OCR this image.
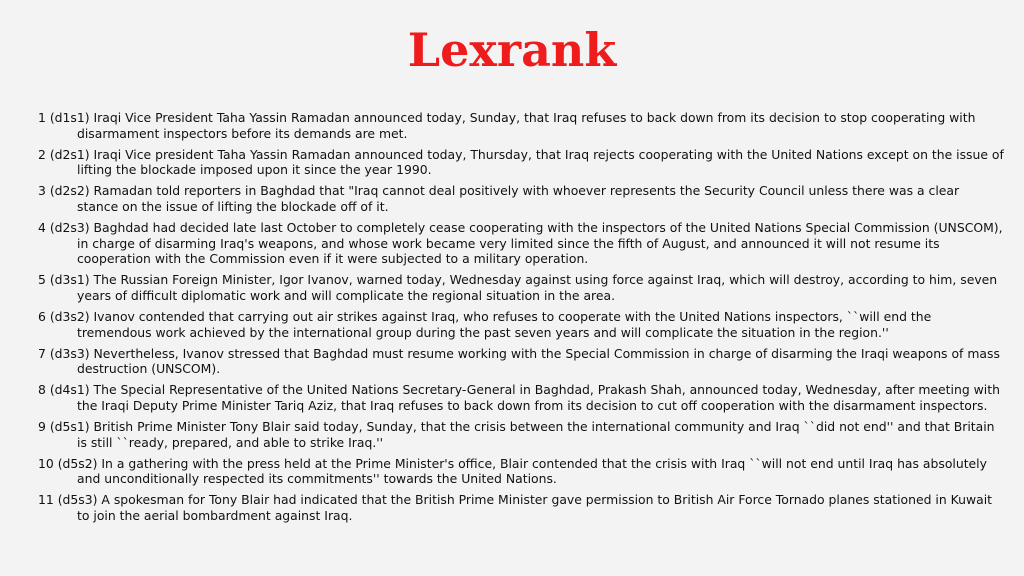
Lexrank
1 (d1s1) Iraqi Vice President Taha Yassin Ramadan announced today, Sunday, that Iraq refuses to back down from its decision to stop cooperating with disarmament inspectors before its demands are met.
2 (d2s1) Iraqi Vice president Taha Yassin Ramadan announced today, Thursday, that Iraq rejects cooperating with the United Nations except on the issue of lifting the blockade imposed upon it since the year 1990.
3 (d2s2) Ramadan told reporters in Baghdad that "Iraq cannot deal positively with whoever represents the Security Council unless there was a clear stance on the issue of lifting the blockade off of it.
4 (d2s3) Baghdad had decided late last October to completely cease cooperating with the inspectors of the United Nations Special Commission (UNSCOM), in charge of disarming Iraq's weapons, and whose work became very limited since the fifth of August, and announced it will not resume its cooperation with the Commission even if it were subjected to a military operation.
5 (d3s1) The Russian Foreign Minister, Igor Ivanov, warned today, Wednesday against using force against Iraq, which will destroy, according to him, seven years of difficult diplomatic work and will complicate the regional situation in the area.
6 (d3s2) Ivanov contended that carrying out air strikes against Iraq, who refuses to cooperate with the United Nations inspectors, ``will end the tremendous work achieved by the international group during the past seven years and will complicate the situation in the region.''
7 (d3s3) Nevertheless, Ivanov stressed that Baghdad must resume working with the Special Commission in charge of disarming the Iraqi weapons of mass destruction (UNSCOM).
8 (d4s1) The Special Representative of the United Nations Secretary-General in Baghdad, Prakash Shah, announced today, Wednesday, after meeting with the Iraqi Deputy Prime Minister Tariq Aziz, that Iraq refuses to back down from its decision to cut off cooperation with the disarmament inspectors.
9 (d5s1) British Prime Minister Tony Blair said today, Sunday, that the crisis between the international community and Iraq ``did not end'' and that Britain is still ``ready, prepared, and able to strike Iraq.''
10 (d5s2) In a gathering with the press held at the Prime Minister's office, Blair contended that the crisis with Iraq ``will not end until Iraq has absolutely and unconditionally respected its commitments'' towards the United Nations.
11 (d5s3) A spokesman for Tony Blair had indicated that the British Prime Minister gave permission to British Air Force Tornado planes stationed in Kuwait to join the aerial bombardment against Iraq.
